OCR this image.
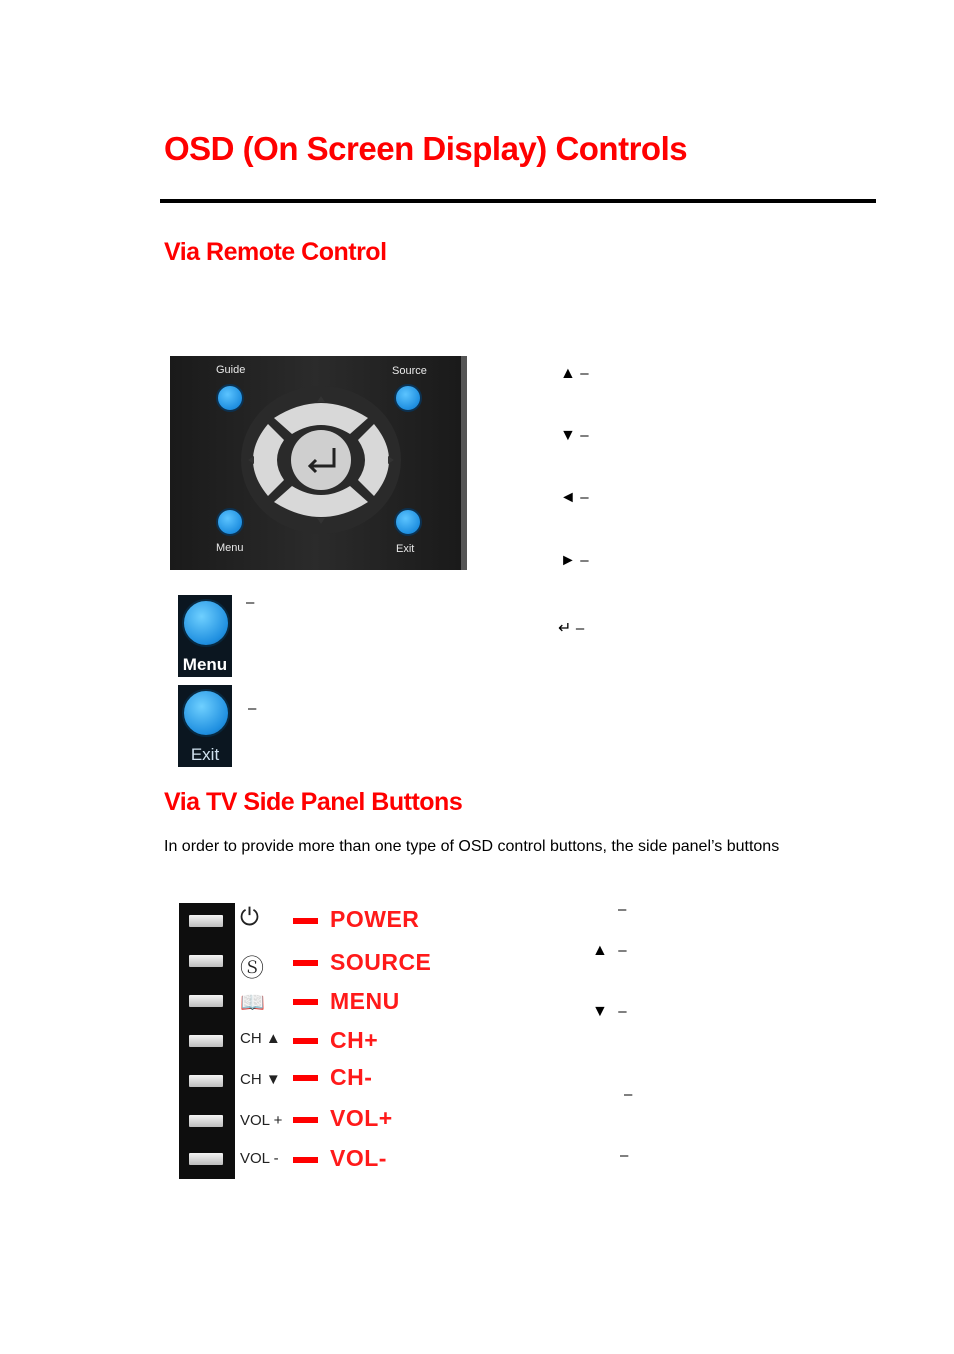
OSD (On Screen Display) Controls
Via Remote Control
Guide	Source
Menu	Exit
Menu
–
Exit
–
▲ –
▼ –
◄ –
► –
↵ –
Via TV Side Panel Buttons
In order to provide more than one type of OSD control buttons, the side panel’s buttons
⏻	POWER
Ⓢ	SOURCE
📖	MENU
CH ▲ CH+
CH ▼ CH-
VOL + VOL+
VOL - VOL-
–
▲ –
▼ –
–
–
